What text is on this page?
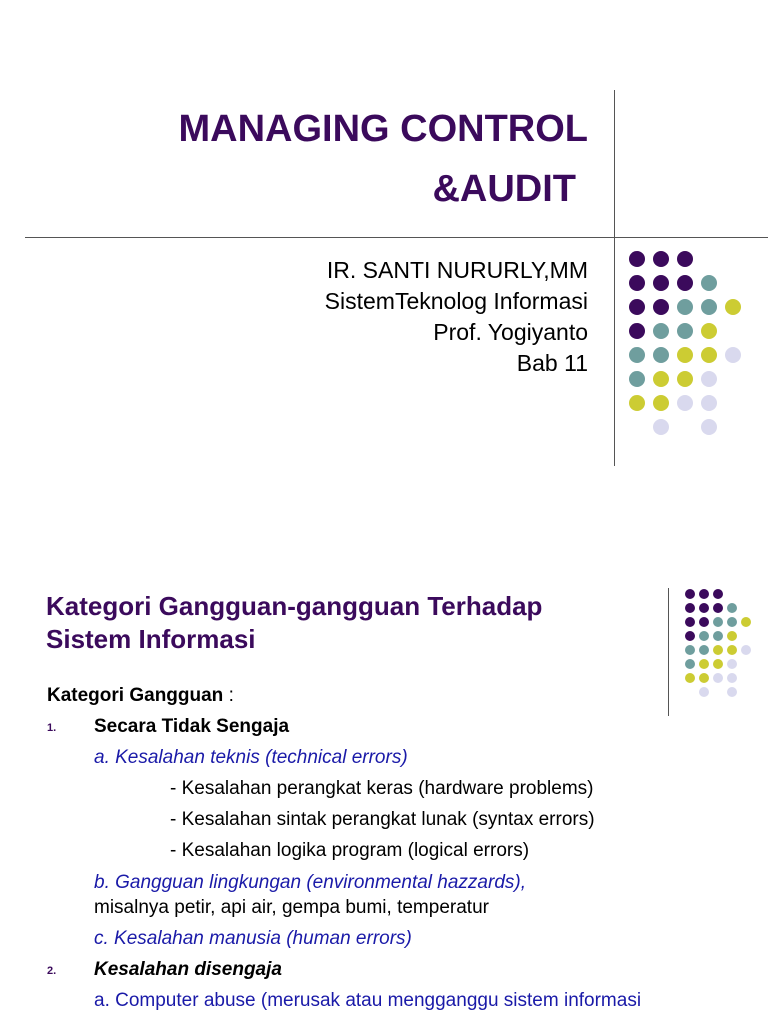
MANAGING CONTROL
&AUDIT
IR. SANTI NURURLY,MM
SistemTeknolog Informasi
Prof. Yogiyanto
Bab 11
Kategori Gangguan-gangguan Terhadap
Sistem Informasi
Kategori Gangguan :
1. Secara Tidak Sengaja
a. Kesalahan teknis (technical errors)
- Kesalahan perangkat keras (hardware problems)
- Kesalahan sintak perangkat lunak (syntax errors)
- Kesalahan logika program (logical errors)
b. Gangguan lingkungan (environmental hazzards),
misalnya petir, api air, gempa bumi, temperatur
c. Kesalahan manusia (human errors)
2. Kesalahan disengaja
a. Computer abuse (merusak atau mengganggu sistem informasi
